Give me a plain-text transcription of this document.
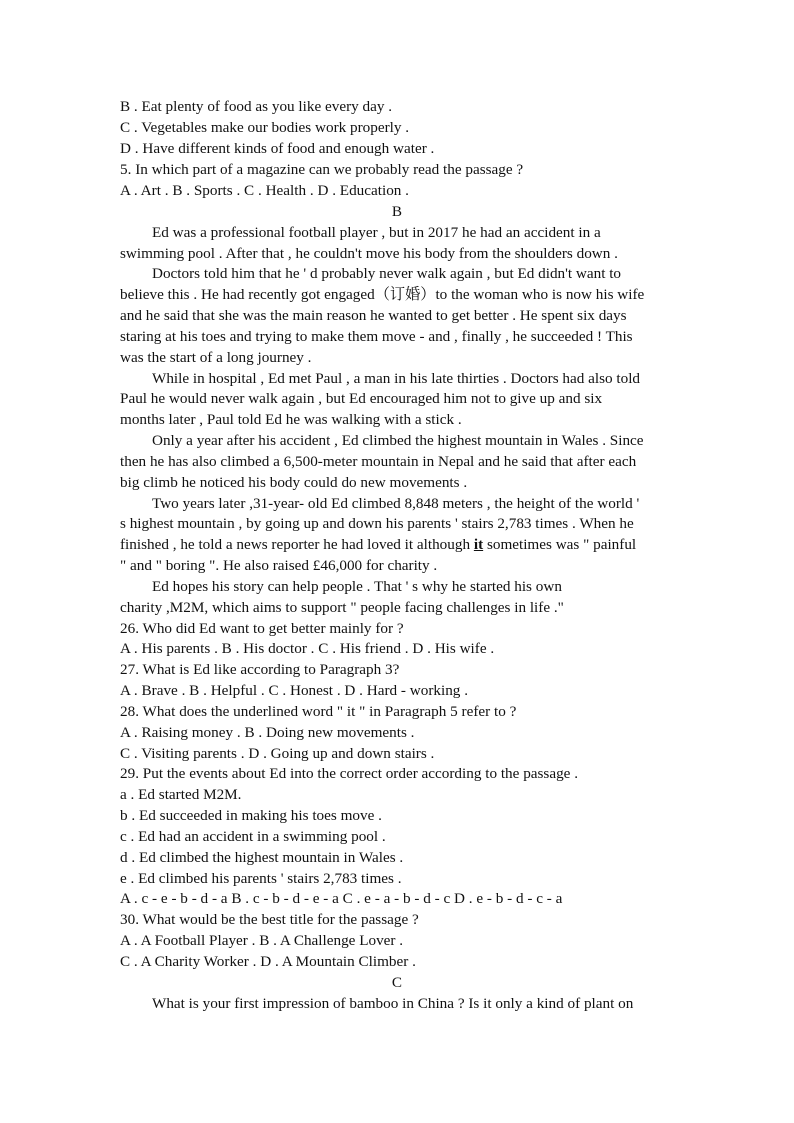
B . Eat plenty of food as you like every day .
C . Vegetables make our bodies work properly .
D . Have different kinds of food and enough water .
5. In which part of a magazine can we probably read the passage ?
A . Art . B . Sports . C . Health . D . Education .
B
Ed was a professional football player , but in 2017 he had an accident in a
swimming pool . After that , he couldn't move his body from the shoulders down .
Doctors told him that he ' d probably never walk again , but Ed didn't want to
believe this . He had recently got engaged（订婚）to the woman who is now his wife
and he said that she was the main reason he wanted to get better . He spent six days
staring at his toes and trying to make them move - and , finally , he succeeded ! This
was the start of a long journey .
While in hospital , Ed met Paul , a man in his late thirties . Doctors had also told
Paul he would never walk again , but Ed encouraged him not to give up and six
months later , Paul told Ed he was walking with a stick .
Only a year after his accident , Ed climbed the highest mountain in Wales . Since
then he has also climbed a 6,500-meter mountain in Nepal and he said that after each
big climb he noticed his body could do new movements .
Two years later ,31-year- old Ed climbed 8,848 meters , the height of the world '
s highest mountain , by going up and down his parents ' stairs 2,783 times . When he
finished , he told a news reporter he had loved it although it sometimes was " painful
" and " boring ". He also raised £46,000 for charity .
Ed hopes his story can help people . That ' s why he started his own
charity ,M2M, which aims to support " people facing challenges in life ."
26. Who did Ed want to get better mainly for ?
A . His parents . B . His doctor . C . His friend . D . His wife .
27. What is Ed like according to Paragraph 3?
A . Brave . B . Helpful . C . Honest . D . Hard - working .
28. What does the underlined word " it " in Paragraph 5 refer to ?
A . Raising money . B . Doing new movements .
C . Visiting parents . D . Going up and down stairs .
29. Put the events about Ed into the correct order according to the passage .
a . Ed started M2M.
b . Ed succeeded in making his toes move .
c . Ed had an accident in a swimming pool .
d . Ed climbed the highest mountain in Wales .
e . Ed climbed his parents ' stairs 2,783 times .
A . c - e - b - d - a B . c - b - d - e - a C . e - a - b - d - c D . e - b - d - c - a
30. What would be the best title for the passage ?
A . A Football Player . B . A Challenge Lover .
C . A Charity Worker . D . A Mountain Climber .
C
What is your first impression of bamboo in China ? Is it only a kind of plant on
